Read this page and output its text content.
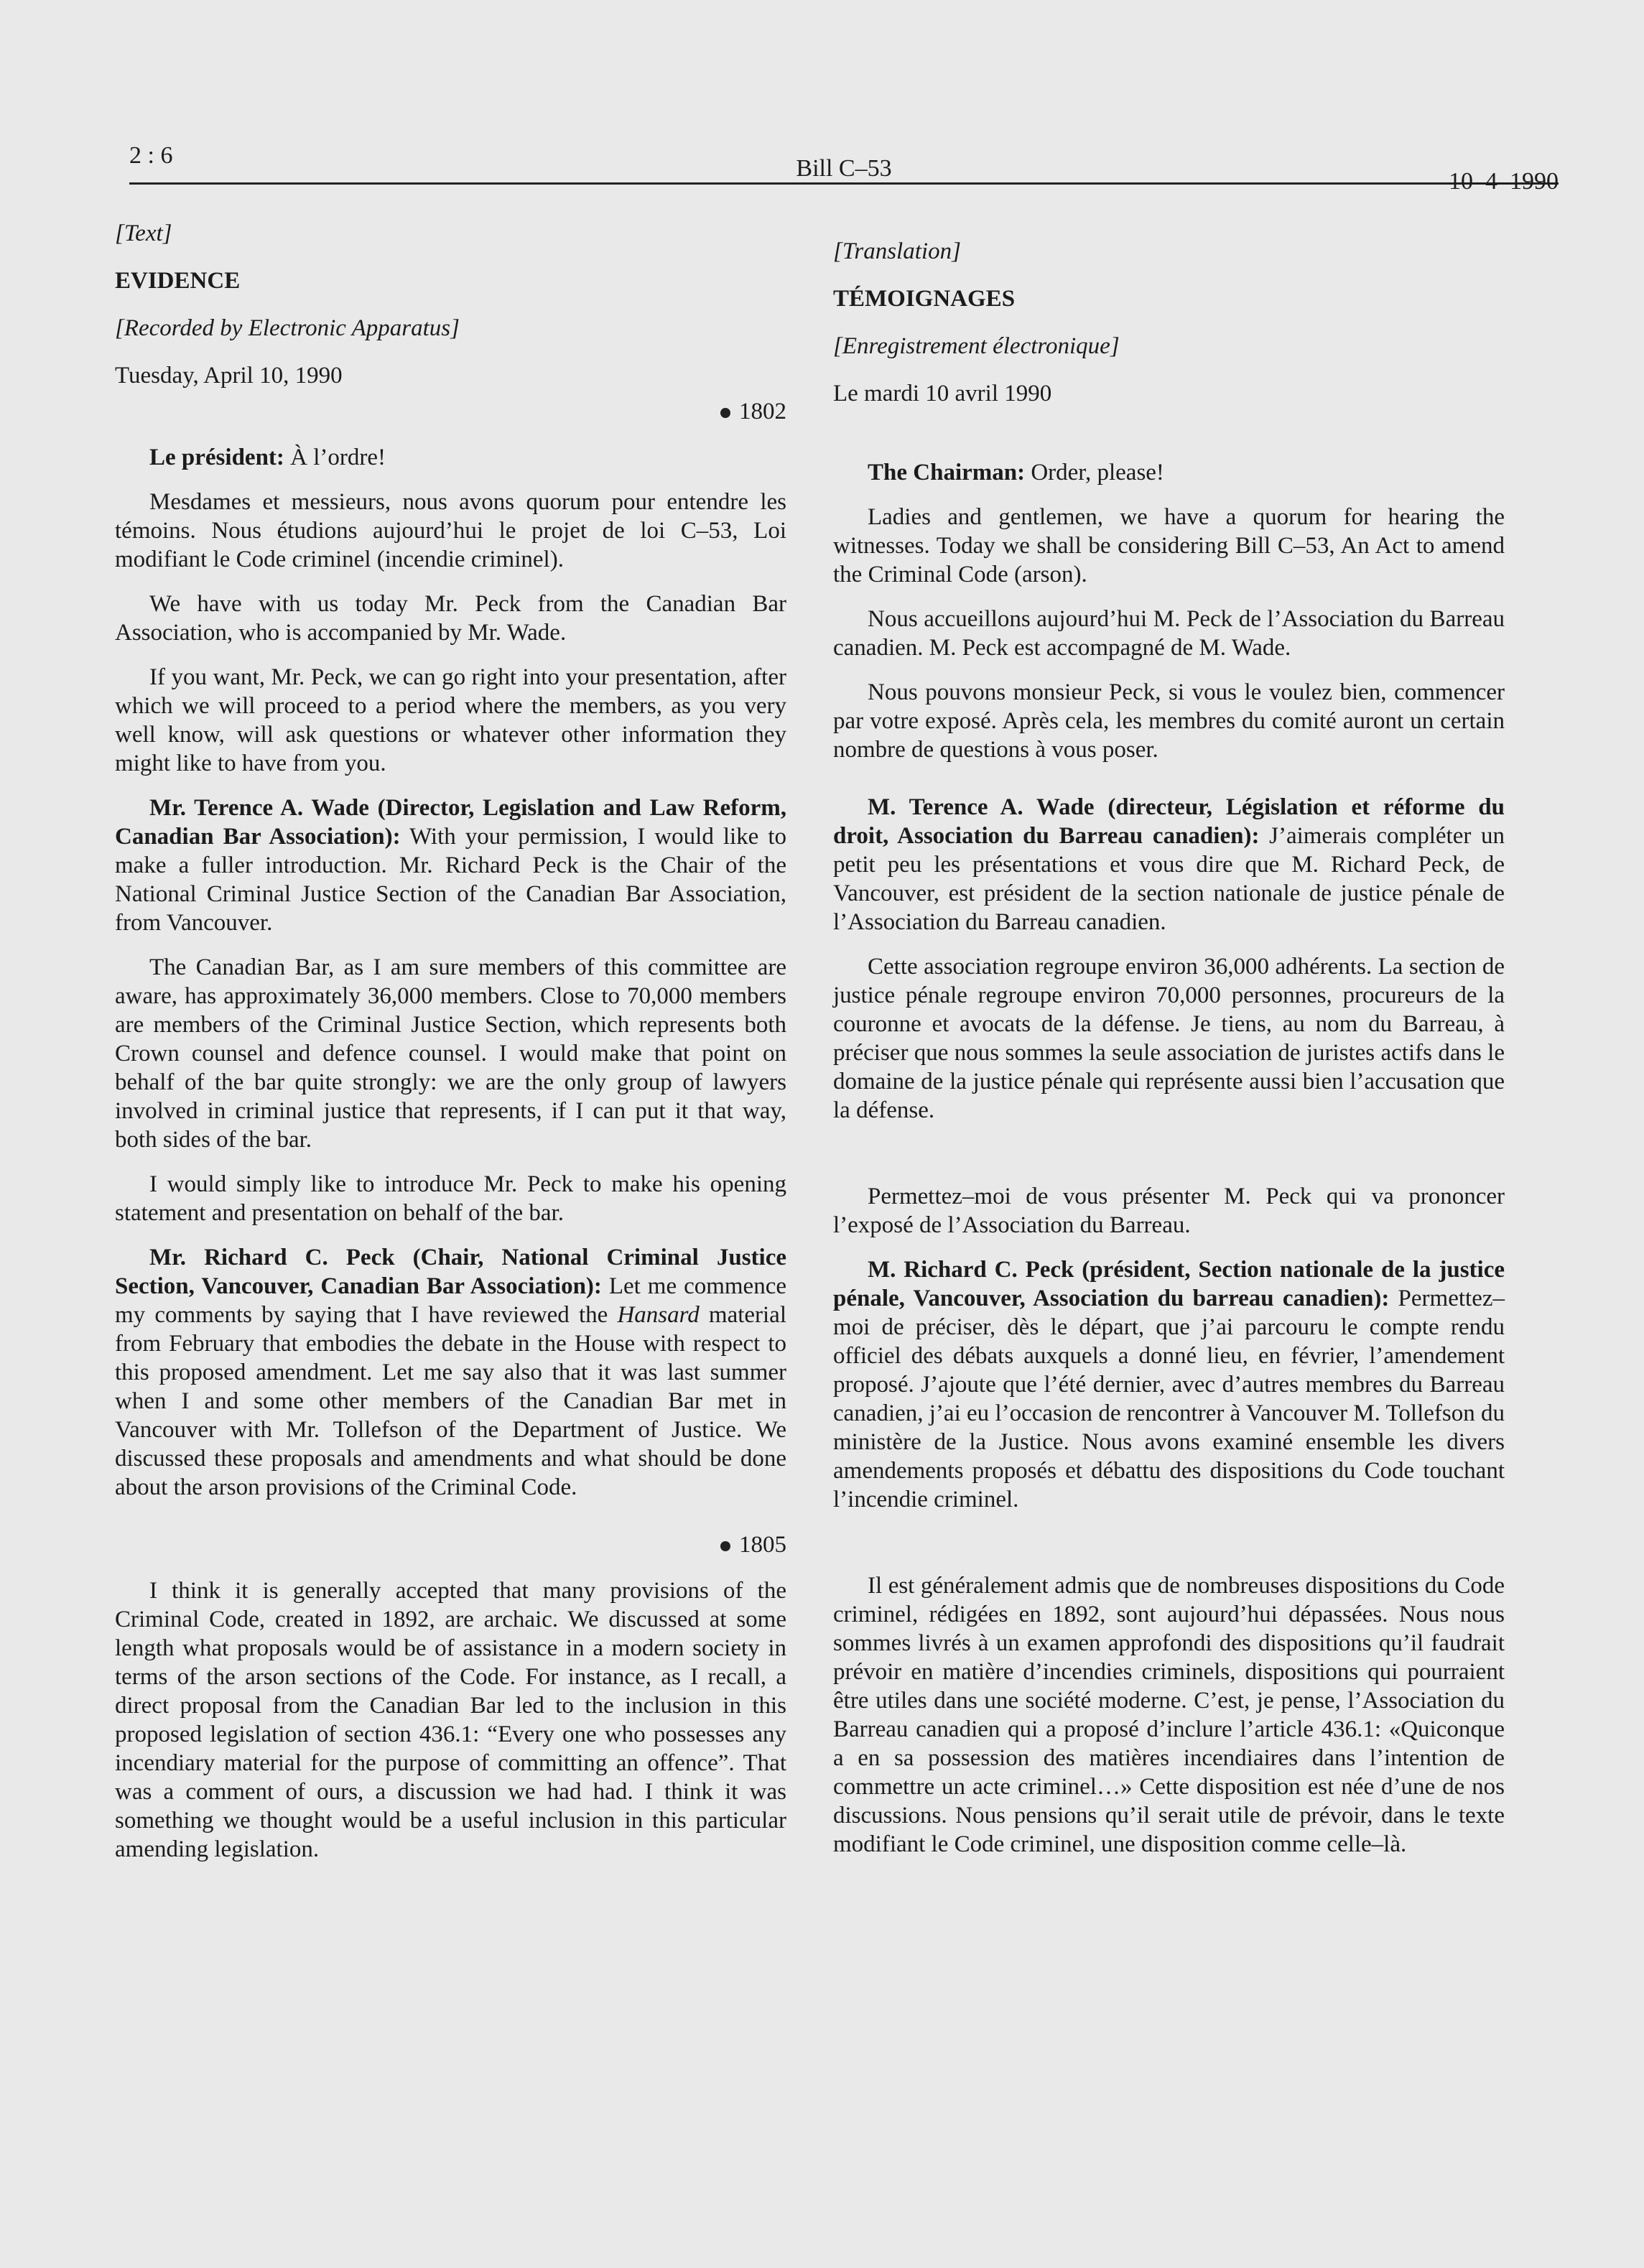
2 : 6	Bill C–53	10–4–1990

[Text]

EVIDENCE

[Recorded by Electronic Apparatus]

Tuesday, April 10, 1990

1802

Le président: À l’ordre!

Mesdames et messieurs, nous avons quorum pour entendre les témoins. Nous étudions aujourd’hui le projet de loi C–53, Loi modifiant le Code criminel (incendie criminel).

We have with us today Mr. Peck from the Canadian Bar Association, who is accompanied by Mr. Wade.

If you want, Mr. Peck, we can go right into your presentation, after which we will proceed to a period where the members, as you very well know, will ask questions or whatever other information they might like to have from you.

Mr. Terence A. Wade (Director, Legislation and Law Reform, Canadian Bar Association): With your permission, I would like to make a fuller introduction. Mr. Richard Peck is the Chair of the National Criminal Justice Section of the Canadian Bar Association, from Vancouver.

The Canadian Bar, as I am sure members of this committee are aware, has approximately 36,000 members. Close to 70,000 members are members of the Criminal Justice Section, which represents both Crown counsel and defence counsel. I would make that point on behalf of the bar quite strongly: we are the only group of lawyers involved in criminal justice that represents, if I can put it that way, both sides of the bar.

I would simply like to introduce Mr. Peck to make his opening statement and presentation on behalf of the bar.

Mr. Richard C. Peck (Chair, National Criminal Justice Section, Vancouver, Canadian Bar Association): Let me commence my comments by saying that I have reviewed the Hansard material from February that embodies the debate in the House with respect to this proposed amendment. Let me say also that it was last summer when I and some other members of the Canadian Bar met in Vancouver with Mr. Tollefson of the Department of Justice. We discussed these proposals and amendments and what should be done about the arson provisions of the Criminal Code.

1805

I think it is generally accepted that many provisions of the Criminal Code, created in 1892, are archaic. We discussed at some length what proposals would be of assistance in a modern society in terms of the arson sections of the Code. For instance, as I recall, a direct proposal from the Canadian Bar led to the inclusion in this proposed legislation of section 436.1: “Every one who possesses any incendiary material for the purpose of committing an offence”. That was a comment of ours, a discussion we had had. I think it was something we thought would be a useful inclusion in this particular amending legislation.

[Translation]

TÉMOIGNAGES

[Enregistrement électronique]

Le mardi 10 avril 1990

The Chairman: Order, please!

Ladies and gentlemen, we have a quorum for hearing the witnesses. Today we shall be considering Bill C–53, An Act to amend the Criminal Code (arson).

Nous accueillons aujourd’hui M. Peck de l’Association du Barreau canadien. M. Peck est accompagné de M. Wade.

Nous pouvons monsieur Peck, si vous le voulez bien, commencer par votre exposé. Après cela, les membres du comité auront un certain nombre de questions à vous poser.

M. Terence A. Wade (directeur, Législation et réforme du droit, Association du Barreau canadien): J’aimerais compléter un petit peu les présentations et vous dire que M. Richard Peck, de Vancouver, est président de la section nationale de justice pénale de l’Association du Barreau canadien.

Cette association regroupe environ 36,000 adhérents. La section de justice pénale regroupe environ 70,000 personnes, procureurs de la couronne et avocats de la défense. Je tiens, au nom du Barreau, à préciser que nous sommes la seule association de juristes actifs dans le domaine de la justice pénale qui représente aussi bien l’accusation que la défense.

Permettez–moi de vous présenter M. Peck qui va prononcer l’exposé de l’Association du Barreau.

M. Richard C. Peck (président, Section nationale de la justice pénale, Vancouver, Association du barreau canadien): Permettez–moi de préciser, dès le départ, que j’ai parcouru le compte rendu officiel des débats auxquels a donné lieu, en février, l’amendement proposé. J’ajoute que l’été dernier, avec d’autres membres du Barreau canadien, j’ai eu l’occasion de rencontrer à Vancouver M. Tollefson du ministère de la Justice. Nous avons examiné ensemble les divers amendements proposés et débattu des dispositions du Code touchant l’incendie criminel.

Il est généralement admis que de nombreuses dispositions du Code criminel, rédigées en 1892, sont aujourd’hui dépassées. Nous nous sommes livrés à un examen approfondi des dispositions qu’il faudrait prévoir en matière d’incendies criminels, dispositions qui pourraient être utiles dans une société moderne. C’est, je pense, l’Association du Barreau canadien qui a proposé d’inclure l’article 436.1: «Quiconque a en sa possession des matières incendiaires dans l’intention de commettre un acte criminel…» Cette disposition est née d’une de nos discussions. Nous pensions qu’il serait utile de prévoir, dans le texte modifiant le Code criminel, une disposition comme celle–là.
